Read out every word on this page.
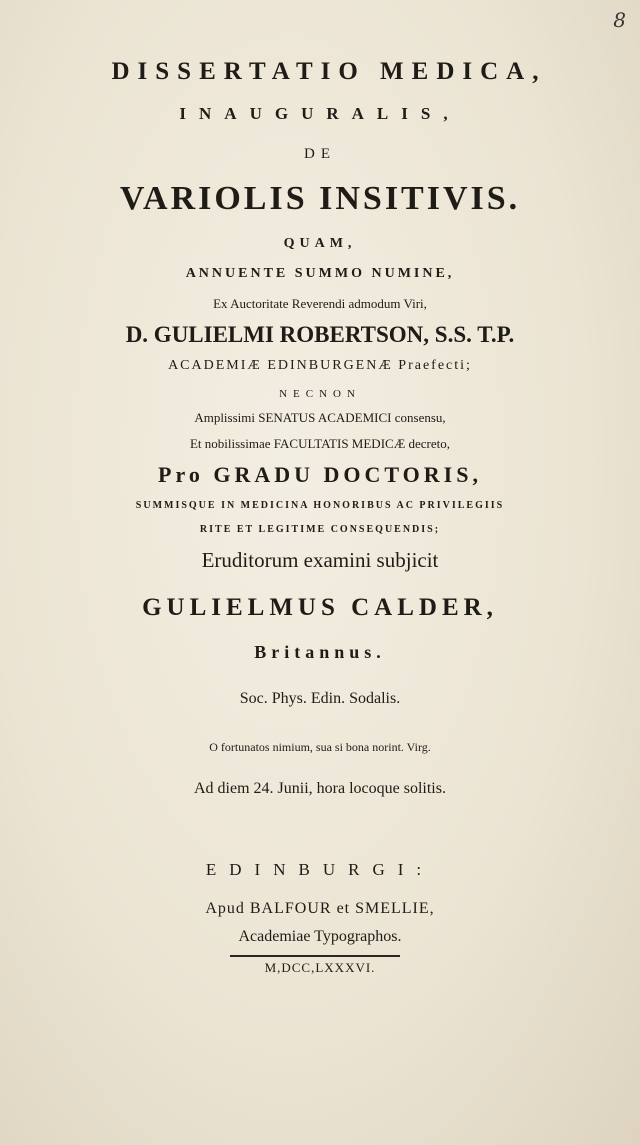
8
DISSERTATIO MEDICA,
INAUGURALIS,
DE
VARIOLIS INSITIVIS.
QUAM,
ANNUENTE SUMMO NUMINE,
Ex Auctoritate Reverendi admodum Viri,
D. GULIELMI ROBERTSON, S.S. T.P.
ACADEMIÆ EDINBURGENÆ Praefecti;
NECNON
Amplissimi SENATUS ACADEMICI consensu,
Et nobilissimae FACULTATIS MEDICÆ decreto,
Pro GRADU DOCTORIS,
SUMMISQUE IN MEDICINA HONORIBUS AC PRIVILEGIIS
RITE ET LEGITIME CONSEQUENDIS;
Eruditorum examini subjicit
GULIELMUS CALDER,
Britannus.
Soc. Phys. Edin. Sodalis.
O fortunatos nimium, sua si bona norint. Virg.
Ad diem 24. Junii, hora locoque solitis.
EDINBURGI:
Apud BALFOUR et SMELLIE,
Academiae Typographos.
M,DCC,LXXXVI.
